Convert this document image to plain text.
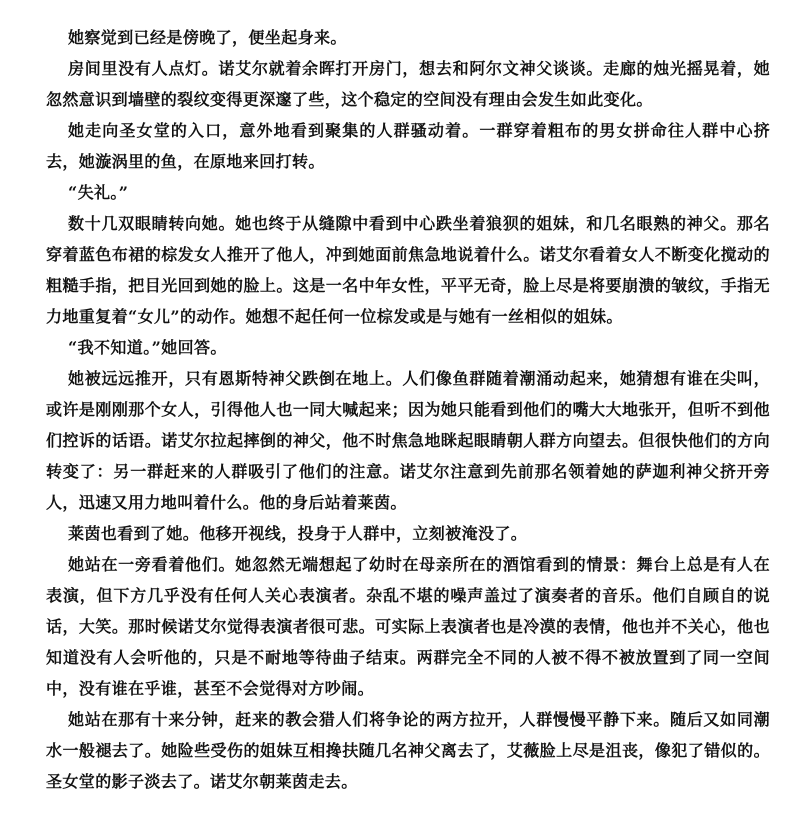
她察觉到已经是傍晚了，便坐起身来。

房间里没有人点灯。诺艾尔就着余晖打开房门，想去和阿尔文神父谈谈。走廊的烛光摇晃着，她忽然意识到墙壁的裂纹变得更深邃了些，这个稳定的空间没有理由会发生如此变化。

她走向圣女堂的入口，意外地看到聚集的人群骚动着。一群穿着粗布的男女拼命往人群中心挤去，她漩涡里的鱼，在原地来回打转。

“失礼。”

数十几双眼睛转向她。她也终于从缝隙中看到中心跌坐着狼狈的姐妹，和几名眼熟的神父。那名穿着蓝色布裙的棕发女人推开了他人，冲到她面前焦急地说着什么。诺艾尔看着女人不断变化搅动的粗糙手指，把目光回到她的脸上。这是一名中年女性，平平无奇，脸上尽是将要崩溃的皱纹，手指无力地重复着“女儿”的动作。她想不起任何一位棕发或是与她有一丝相似的姐妹。

“我不知道。”她回答。

她被远远推开，只有恩斯特神父跌倒在地上。人们像鱼群随着潮涌动起来，她猜想有谁在尖叫，或许是刚刚那个女人，引得他人也一同大喊起来；因为她只能看到他们的嘴大大地张开，但听不到他们控诉的话语。诺艾尔拉起摔倒的神父，他不时焦急地眯起眼睛朝人群方向望去。但很快他们的方向转变了：另一群赶来的人群吸引了他们的注意。诺艾尔注意到先前那名领着她的萨迦利神父挤开旁人，迅速又用力地叫着什么。他的身后站着莱茵。

莱茵也看到了她。他移开视线，投身于人群中，立刻被淹没了。

她站在一旁看着他们。她忽然无端想起了幼时在母亲所在的酒馆看到的情景：舞台上总是有人在表演，但下方几乎没有任何人关心表演者。杂乱不堪的噪声盖过了演奏者的音乐。他们自顾自的说话，大笑。那时候诺艾尔觉得表演者很可悲。可实际上表演者也是冷漠的表情，他也并不关心，他也知道没有人会听他的，只是不耐地等待曲子结束。两群完全不同的人被不得不被放置到了同一空间中，没有谁在乎谁，甚至不会觉得对方吵闹。

她站在那有十来分钟，赶来的教会猎人们将争论的两方拉开，人群慢慢平静下来。随后又如同潮水一般褪去了。她险些受伤的姐妹互相搀扶随几名神父离去了，艾薇脸上尽是沮丧，像犯了错似的。圣女堂的影子淡去了。诺艾尔朝莱茵走去。
